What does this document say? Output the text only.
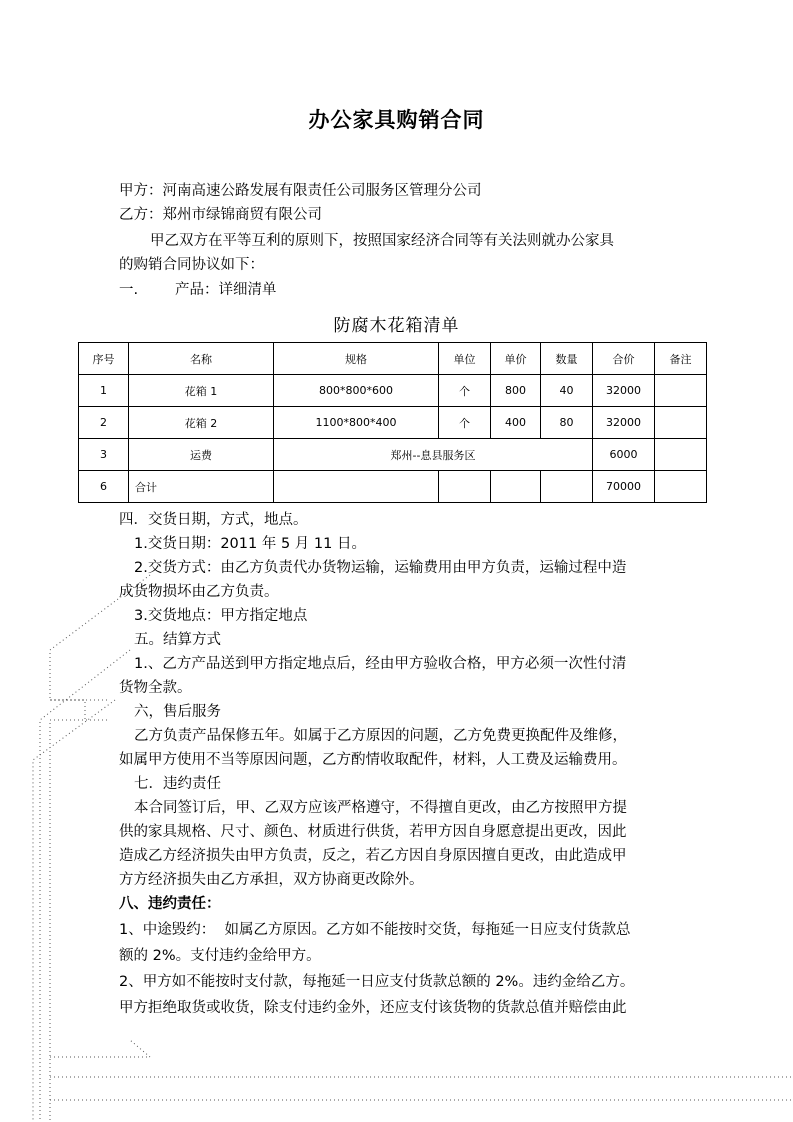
办公家具购销合同
甲方：河南高速公路发展有限责任公司服务区管理分公司
乙方：郑州市绿锦商贸有限公司
甲乙双方在平等互利的原则下，按照国家经济合同等有关法则就办公家具
的购销合同协议如下：
一.        产品：详细清单
防腐木花箱清单
序号	名称	规格	单位	单价	数量	合价	备注
1	花箱 1	800*800*600	个	800	40	32000	
2	花箱 2	1100*800*400	个	400	80	32000	
3	运费	郑州--息县服务区				6000	
6	合计					70000	
四．交货日期，方式，地点。
1.交货日期：2011 年 5 月 11 日。
2.交货方式：由乙方负责代办货物运输，运输费用由甲方负责，运输过程中造
成货物损坏由乙方负责。
3.交货地点：甲方指定地点
五。结算方式
1.、乙方产品送到甲方指定地点后，经由甲方验收合格，甲方必须一次性付清
货物全款。
六，售后服务
乙方负责产品保修五年。如属于乙方原因的问题，乙方免费更换配件及维修，
如属甲方使用不当等原因问题，乙方酌情收取配件，材料，人工费及运输费用。
七．违约责任
本合同签订后，甲、乙双方应该严格遵守，不得擅自更改，由乙方按照甲方提
供的家具规格、尺寸、颜色、材质进行供货，若甲方因自身愿意提出更改，因此
造成乙方经济损失由甲方负责，反之，若乙方因自身原因擅自更改，由此造成甲
方方经济损失由乙方承担，双方协商更改除外。
八、违约责任：
1、中途毁约：  如属乙方原因。乙方如不能按时交货，每拖延一日应支付货款总
额的 2%。支付违约金给甲方。
2、甲方如不能按时支付款，每拖延一日应支付货款总额的 2%。违约金给乙方。
甲方拒绝取货或收货，除支付违约金外，还应支付该货物的货款总值并赔偿由此
